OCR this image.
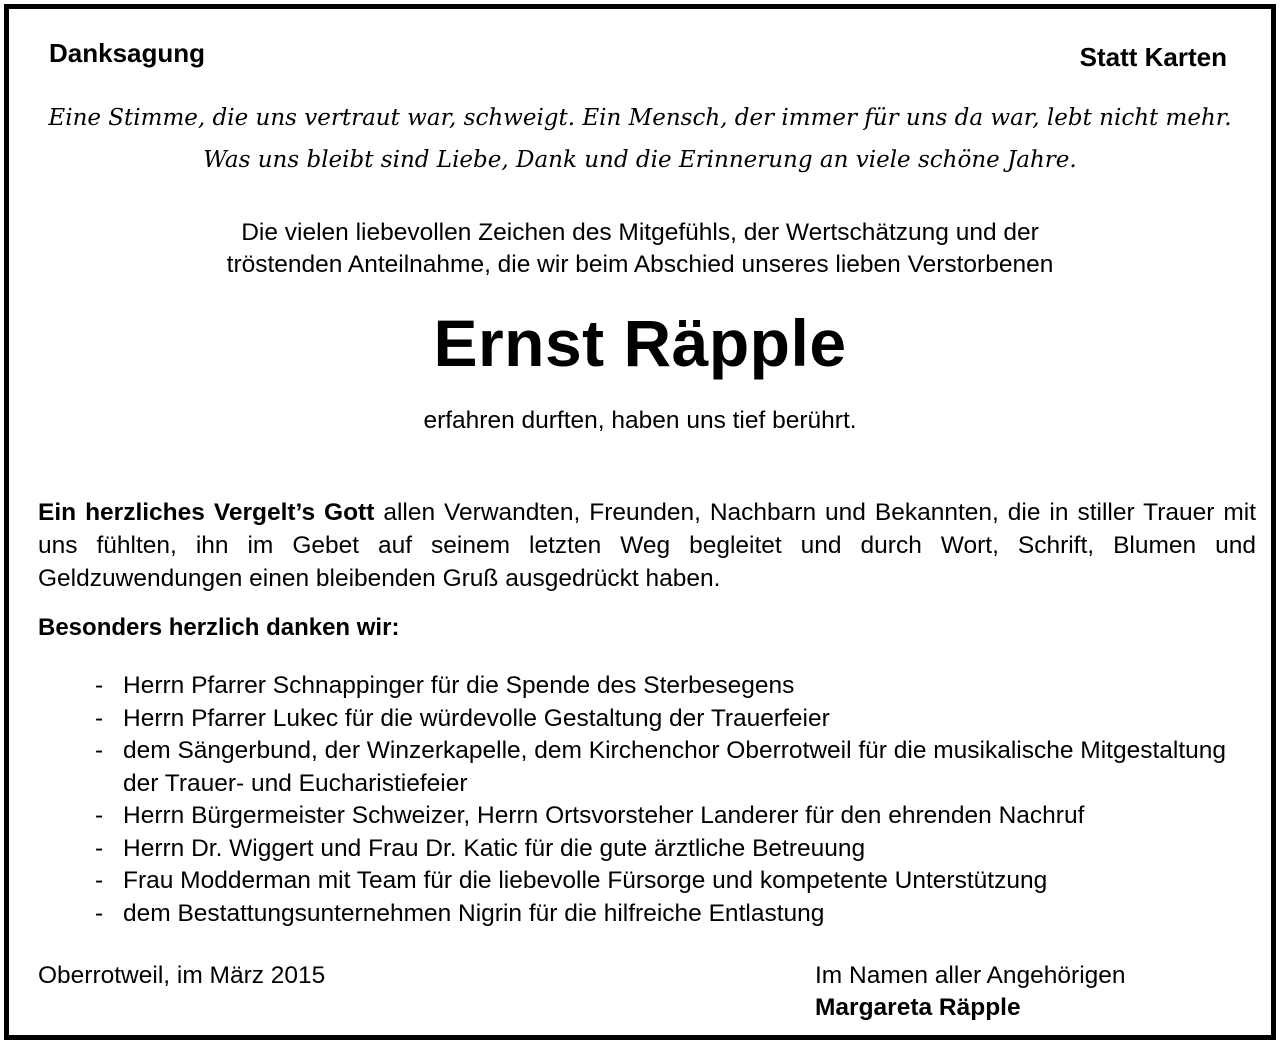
Danksagung	Statt Karten
Eine Stimme, die uns vertraut war, schweigt. Ein Mensch, der immer für uns da war, lebt nicht mehr.
Was uns bleibt sind Liebe, Dank und die Erinnerung an viele schöne Jahre.
Die vielen liebevollen Zeichen des Mitgefühls, der Wertschätzung und der
tröstenden Anteilnahme, die wir beim Abschied unseres lieben Verstorbenen
Ernst Räpple
erfahren durften, haben uns tief berührt.
Ein herzliches Vergelt’s Gott allen Verwandten, Freunden, Nachbarn und Bekannten, die in stiller Trauer mit uns fühlten, ihn im Gebet auf seinem letzten Weg begleitet und durch Wort, Schrift, Blumen und Geldzuwendungen einen bleibenden Gruß ausgedrückt haben.
Besonders herzlich danken wir:
- Herrn Pfarrer Schnappinger für die Spende des Sterbesegens
- Herrn Pfarrer Lukec für die würdevolle Gestaltung der Trauerfeier
- dem Sängerbund, der Winzerkapelle, dem Kirchenchor Oberrotweil für die musikalische Mitgestaltung der Trauer- und Eucharistiefeier
- Herrn Bürgermeister Schweizer, Herrn Ortsvorsteher Landerer für den ehrenden Nachruf
- Herrn Dr. Wiggert und Frau Dr. Katic für die gute ärztliche Betreuung
- Frau Modderman mit Team für die liebevolle Fürsorge und kompetente Unterstützung
- dem Bestattungsunternehmen Nigrin für die hilfreiche Entlastung
Oberrotweil, im März 2015	Im Namen aller Angehörigen
Margareta Räpple
